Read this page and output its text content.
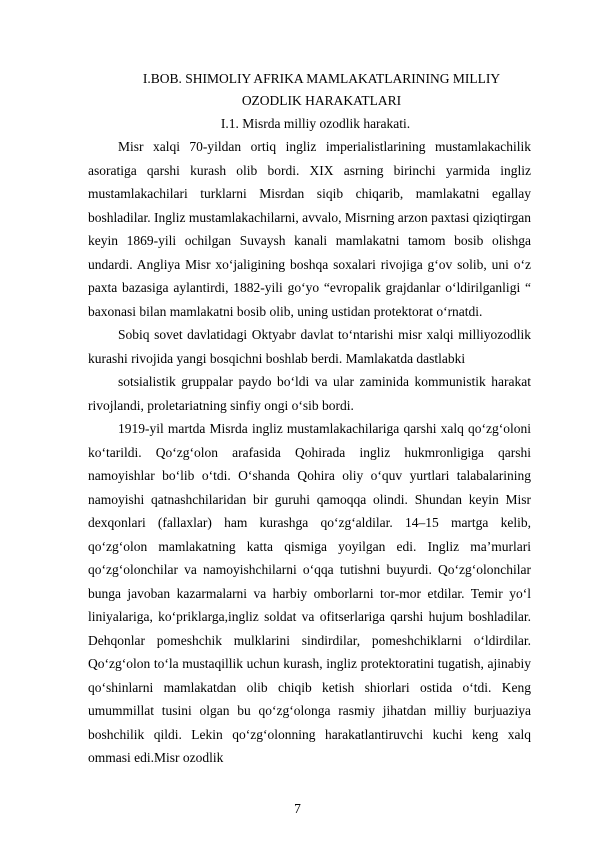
I.BOB. SHIMOLIY AFRIKA MAMLAKATLARINING MILLIY OZODLIK HARAKATLARI

I.1. Misrda milliy ozodlik harakati.

Misr xalqi 70-yildan ortiq ingliz imperialistlarining mustamlakachilik asoratiga qarshi kurash olib bordi. XIX asrning birinchi yarmida ingliz mustamlakachilari turklarni Misrdan siqib chiqarib, mamlakatni egallay boshladilar. Ingliz mustamlakachilarni, avvalo, Misrning arzon paxtasi qiziqtirgan keyin 1869-yili ochilgan Suvaysh kanali mamlakatni tamom bosib olishga undardi. Angliya Misr xo‘jaligining boshqa soxalari rivojiga g‘ov solib, uni o‘z paxta bazasiga aylantirdi, 1882-yili go‘yo “evropalik grajdanlar o‘ldirilganligi “ baxonasi bilan mamlakatni bosib olib, uning ustidan protektorat o‘rnatdi.

Sobiq sovet davlatidagi Oktyabr davlat to‘ntarishi misr xalqi milliyozodlik kurashi rivojida yangi bosqichni boshlab berdi. Mamlakatda dastlabki

sotsialistik gruppalar paydo bo‘ldi va ular zaminida kommunistik harakat rivojlandi, proletariatning sinfiy ongi o‘sib bordi.

1919-yil martda Misrda ingliz mustamlakachilariga qarshi xalq qo‘zg‘oloni ko‘tarildi. Qo‘zg‘olon arafasida Qohirada ingliz hukmronligiga qarshi namoyishlar bo‘lib o‘tdi. O‘shanda Qohira oliy o‘quv yurtlari talabalarining namoyishi qatnashchilaridan bir guruhi qamoqqa olindi. Shundan keyin Misr dexqonlari (fallaxlar) ham kurashga qo‘zg‘aldilar. 14–15 martga kelib, qo‘zg‘olon mamlakatning katta qismiga yoyilgan edi. Ingliz ma’murlari qo‘zg‘olonchilar va namoyishchilarni o‘qqa tutishni buyurdi. Qo‘zg‘olonchilar bunga javoban kazarmalarni va harbiy omborlarni tor-mor etdilar. Temir yo‘l liniyalariga, ko‘priklarga,ingliz soldat va ofitserlariga qarshi hujum boshladilar. Dehqonlar pomeshchik mulklarini sindirdilar, pomeshchiklarni o‘ldirdilar. Qo‘zg‘olon to‘la mustaqillik uchun kurash, ingliz protektoratini tugatish, ajinabiy qo‘shinlarni mamlakatdan olib chiqib ketish shiorlari ostida o‘tdi. Keng umummillat tusini olgan bu qo‘zg‘olonga rasmiy jihatdan milliy burjuaziya boshchilik qildi. Lekin qo‘zg‘olonning harakatlantiruvchi kuchi keng xalq ommasi edi.Misr ozodlik

7
